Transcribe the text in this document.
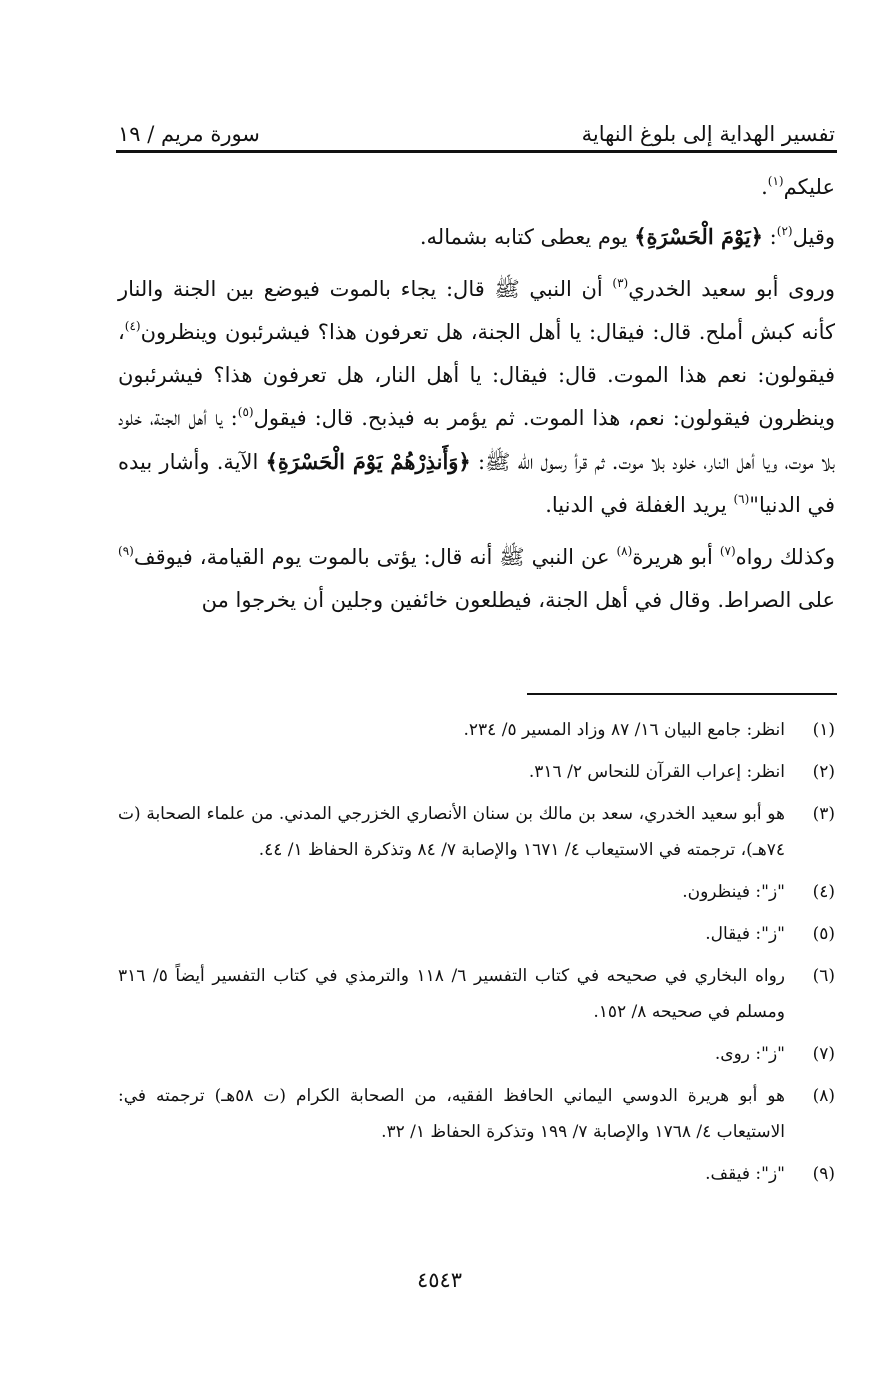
تفسير الهداية إلى بلوغ النهاية
سورة مريم / ١٩

عليكم$^{(١)}$.

وقيل$^{(٢)}$: ﴿يَوْمَ الْحَسْرَةِ﴾ يوم يعطى كتابه بشماله.

وروى أبو سعيد الخدري$^{(٣)}$ أن النبي ﷺ قال: يجاء بالموت فيوضع بين الجنة والنار كأنه كبش أملح. قال: فيقال: يا أهل الجنة، هل تعرفون هذا؟ فيشرئبون وينظرون$^{(٤)}$، فيقولون: نعم هذا الموت. قال: فيقال: يا أهل النار، هل تعرفون هذا؟ فيشرئبون وينظرون فيقولون: نعم، هذا الموت. ثم يؤمر به فيذبح. قال: فيقول$^{(٥)}$: يا أهل الجنة، خلود بلا موت، ويا أهل النار، خلود بلا موت. ثم قرأ رسول الله ﷺ: ﴿وَأَنذِرْهُمْ يَوْمَ الْحَسْرَةِ﴾ الآية. وأشار بيده في الدنيا"$^{(٦)}$ يريد الغفلة في الدنيا.

وكذلك رواه$^{(٧)}$ أبو هريرة$^{(٨)}$ عن النبي ﷺ أنه قال: يؤتى بالموت يوم القيامة، فيوقف$^{(٩)}$ على الصراط. وقال في أهل الجنة، فيطلعون خائفين وجلين أن يخرجوا من

(١)
انظر: جامع البيان ١٦/ ٨٧ وزاد المسير ٥/ ٢٣٤.
(٢)
انظر: إعراب القرآن للنحاس ٢/ ٣١٦.
(٣)
هو أبو سعيد الخدري، سعد بن مالك بن سنان الأنصاري الخزرجي المدني. من علماء الصحابة (ت ٧٤هـ)، ترجمته في الاستيعاب ٤/ ١٦٧١ والإصابة ٧/ ٨٤ وتذكرة الحفاظ ١/ ٤٤.
(٤)
"ز": فينظرون.
(٥)
"ز": فيقال.
(٦)
رواه البخاري في صحيحه في كتاب التفسير ٦/ ١١٨ والترمذي في كتاب التفسير أيضاً ٥/ ٣١٦ ومسلم في صحيحه ٨/ ١٥٢.
(٧)
"ز": روى.
(٨)
هو أبو هريرة الدوسي اليماني الحافظ الفقيه، من الصحابة الكرام (ت ٥٨هـ) ترجمته في: الاستيعاب ٤/ ١٧٦٨ والإصابة ٧/ ١٩٩ وتذكرة الحفاظ ١/ ٣٢.
(٩)
"ز": فيقف.
٤٥٤٣
